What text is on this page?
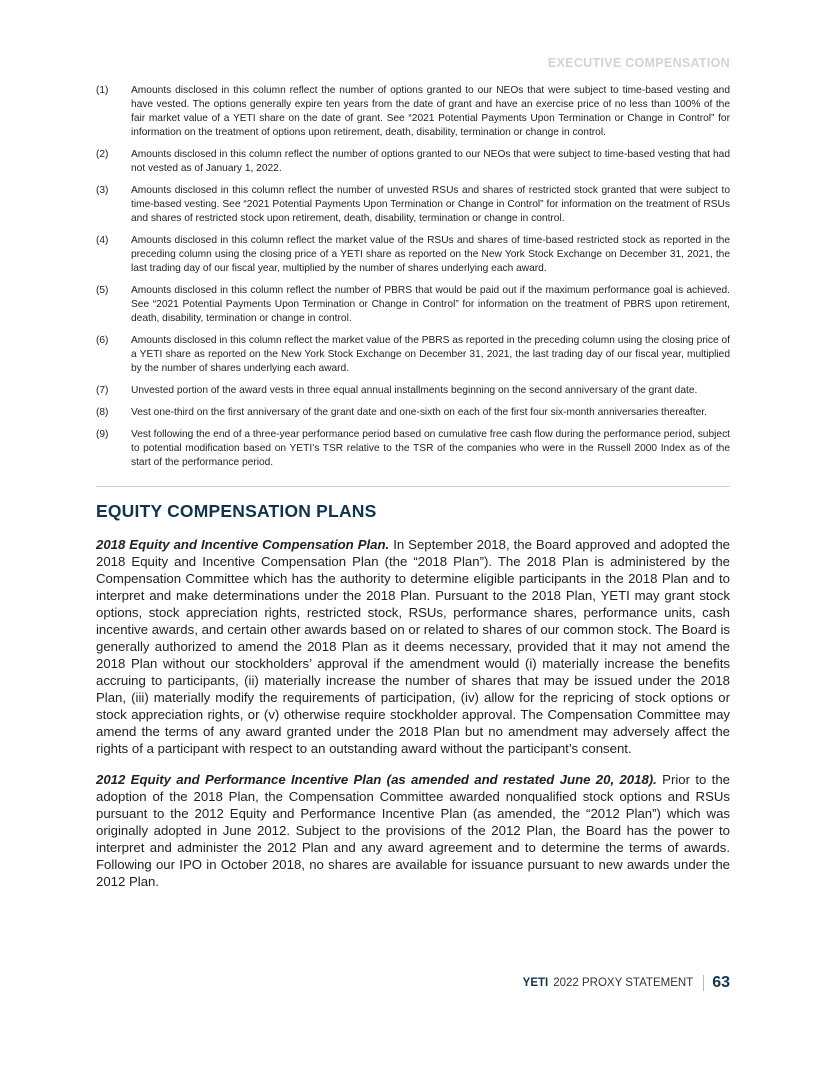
EXECUTIVE COMPENSATION
(1)	Amounts disclosed in this column reflect the number of options granted to our NEOs that were subject to time-based vesting and have vested. The options generally expire ten years from the date of grant and have an exercise price of no less than 100% of the fair market value of a YETI share on the date of grant. See “2021 Potential Payments Upon Termination or Change in Control” for information on the treatment of options upon retirement, death, disability, termination or change in control.
(2)	Amounts disclosed in this column reflect the number of options granted to our NEOs that were subject to time-based vesting that had not vested as of January 1, 2022.
(3)	Amounts disclosed in this column reflect the number of unvested RSUs and shares of restricted stock granted that were subject to time-based vesting. See “2021 Potential Payments Upon Termination or Change in Control” for information on the treatment of RSUs and shares of restricted stock upon retirement, death, disability, termination or change in control.
(4)	Amounts disclosed in this column reflect the market value of the RSUs and shares of time-based restricted stock as reported in the preceding column using the closing price of a YETI share as reported on the New York Stock Exchange on December 31, 2021, the last trading day of our fiscal year, multiplied by the number of shares underlying each award.
(5)	Amounts disclosed in this column reflect the number of PBRS that would be paid out if the maximum performance goal is achieved. See “2021 Potential Payments Upon Termination or Change in Control” for information on the treatment of PBRS upon retirement, death, disability, termination or change in control.
(6)	Amounts disclosed in this column reflect the market value of the PBRS as reported in the preceding column using the closing price of a YETI share as reported on the New York Stock Exchange on December 31, 2021, the last trading day of our fiscal year, multiplied by the number of shares underlying each award.
(7)	Unvested portion of the award vests in three equal annual installments beginning on the second anniversary of the grant date.
(8)	Vest one-third on the first anniversary of the grant date and one-sixth on each of the first four six-month anniversaries thereafter.
(9)	Vest following the end of a three-year performance period based on cumulative free cash flow during the performance period, subject to potential modification based on YETI’s TSR relative to the TSR of the companies who were in the Russell 2000 Index as of the start of the performance period.
EQUITY COMPENSATION PLANS

2018 Equity and Incentive Compensation Plan. In September 2018, the Board approved and adopted the 2018 Equity and Incentive Compensation Plan (the “2018 Plan”). The 2018 Plan is administered by the Compensation Committee which has the authority to determine eligible participants in the 2018 Plan and to interpret and make determinations under the 2018 Plan. Pursuant to the 2018 Plan, YETI may grant stock options, stock appreciation rights, restricted stock, RSUs, performance shares, performance units, cash incentive awards, and certain other awards based on or related to shares of our common stock. The Board is generally authorized to amend the 2018 Plan as it deems necessary, provided that it may not amend the 2018 Plan without our stockholders’ approval if the amendment would (i) materially increase the benefits accruing to participants, (ii) materially increase the number of shares that may be issued under the 2018 Plan, (iii) materially modify the requirements of participation, (iv) allow for the repricing of stock options or stock appreciation rights, or (v) otherwise require stockholder approval. The Compensation Committee may amend the terms of any award granted under the 2018 Plan but no amendment may adversely affect the rights of a participant with respect to an outstanding award without the participant’s consent.

2012 Equity and Performance Incentive Plan (as amended and restated June 20, 2018). Prior to the adoption of the 2018 Plan, the Compensation Committee awarded nonqualified stock options and RSUs pursuant to the 2012 Equity and Performance Incentive Plan (as amended, the “2012 Plan”) which was originally adopted in June 2012. Subject to the provisions of the 2012 Plan, the Board has the power to interpret and administer the 2012 Plan and any award agreement and to determine the terms of awards. Following our IPO in October 2018, no shares are available for issuance pursuant to new awards under the 2012 Plan.

YETI 2022 PROXY STATEMENT 63
